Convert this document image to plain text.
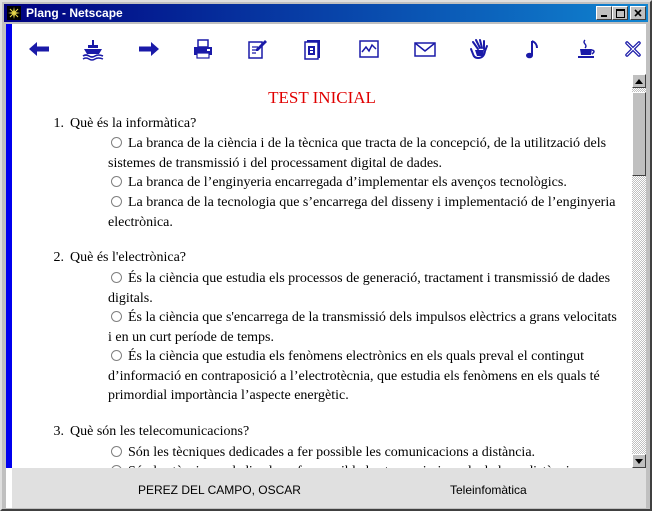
Plang - Netscape
TEST INICIAL
1. Què és la informàtica?
La branca de la ciència i de la tècnica que tracta de la concepció, de la utilització dels sistemes de transmissió i del processament digital de dades.
La branca de l’enginyeria encarregada d’implementar els avenços tecnològics.
La branca de la tecnologia que s’encarrega del disseny i implementació de l’enginyeria electrònica.
2. Què és l'electrònica?
És la ciència que estudia els processos de generació, tractament i transmissió de dades digitals.
És la ciència que s'encarrega de la transmissió dels impulsos elèctrics a grans velocitats i en un curt període de temps.
És la ciència que estudia els fenòmens electrònics en els quals preval el contingut d’informació en contraposició a l’electrotècnia, que estudia els fenòmens en els quals té primordial importància l’aspecte energètic.
3. Què són les telecomunicacions?
Són les tècniques dedicades a fer possible les comunicacions a distància.
PEREZ DEL CAMPO, OSCAR	Teleinfomàtica
